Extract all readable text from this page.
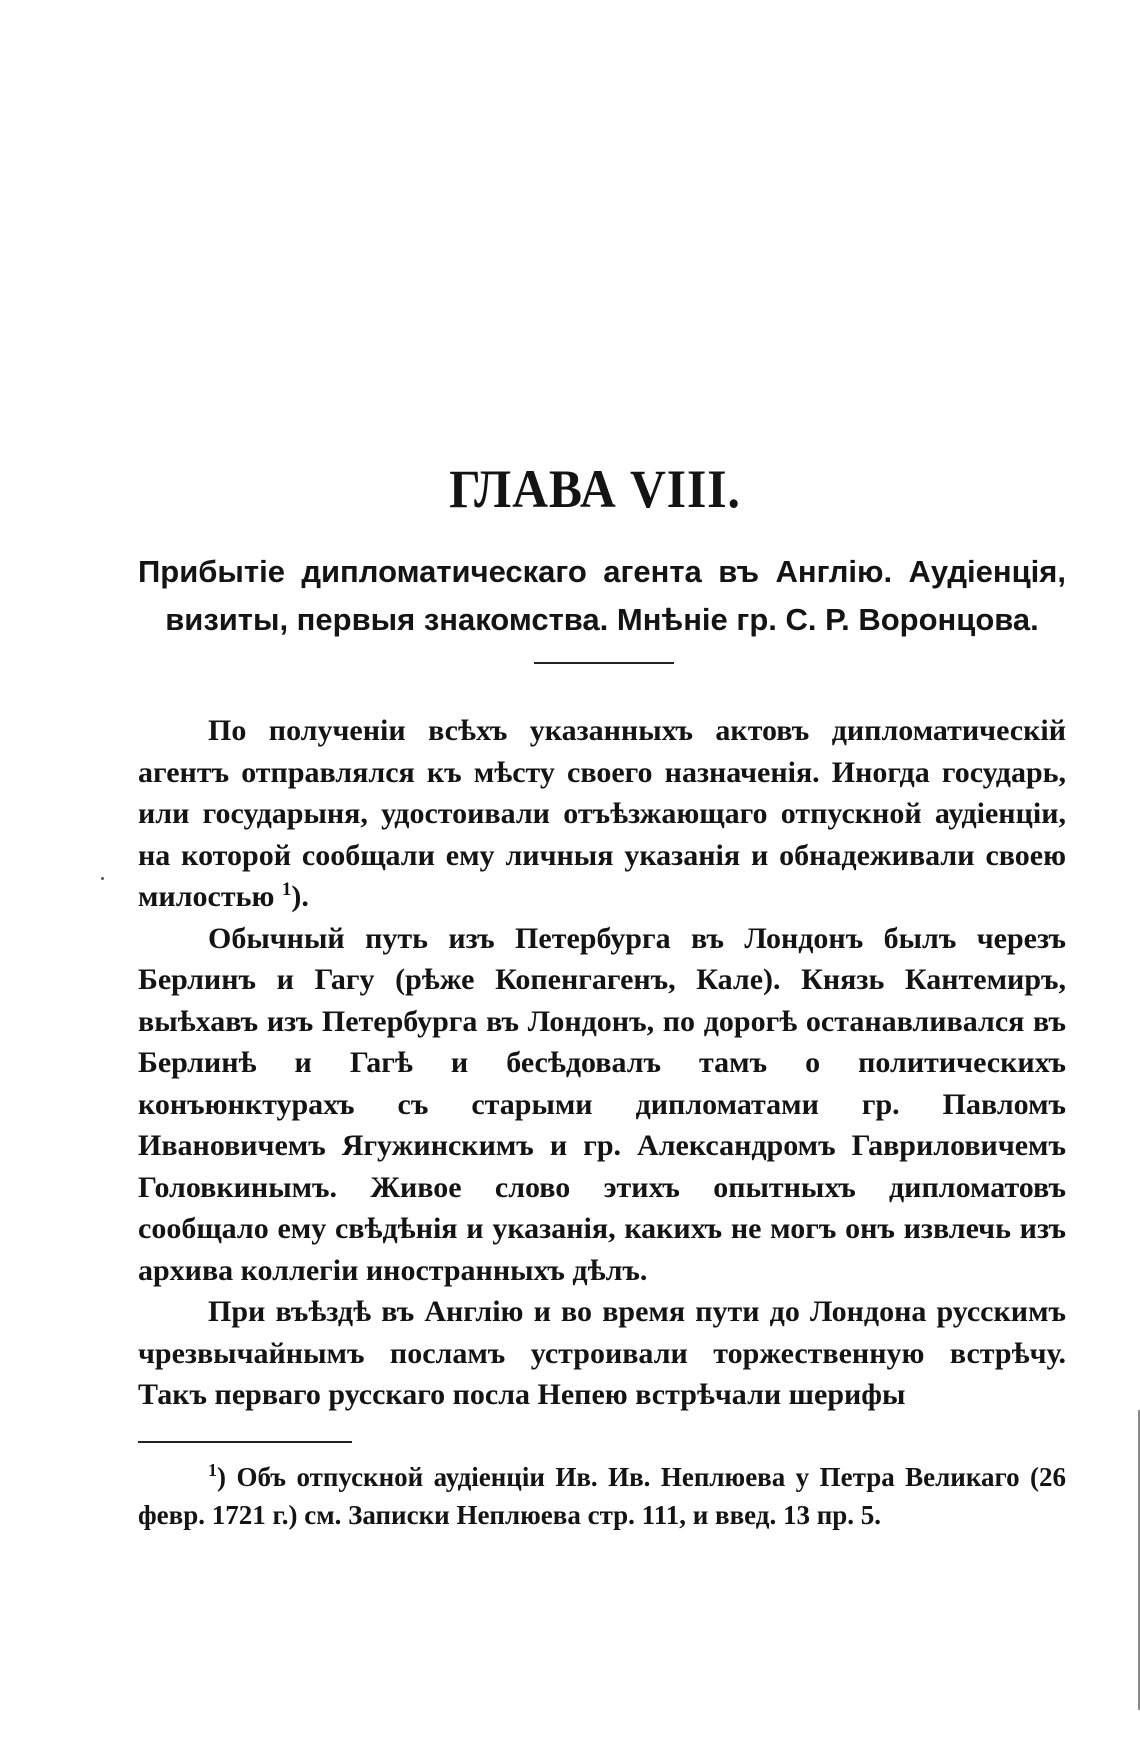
ГЛАВА VIII.

Прибытіе дипломатическаго агента въ Англію. Аудіенція, визиты, первыя знакомства. Мнѣніе гр. С. Р. Воронцова.

По полученіи всѣхъ указанныхъ актовъ дипломатическій агентъ отправлялся къ мѣсту своего назначенія. Иногда государь, или государыня, удостоивали отъѣзжающаго отпускной аудіенціи, на которой сообщали ему личныя указанія и обнадеживали своею милостью $^1$).

Обычный путь изъ Петербурга въ Лондонъ былъ черезъ Берлинъ и Гагу (рѣже Копенгагенъ, Кале). Князь Кантемиръ, выѣхавъ изъ Петербурга въ Лондонъ, по дорогѣ останавливался въ Берлинѣ и Гагѣ и бесѣдовалъ тамъ о политическихъ конъюнктурахъ съ старыми дипломатами гр. Павломъ Ивановичемъ Ягужинскимъ и гр. Александромъ Гавриловичемъ Головкинымъ. Живое слово этихъ опытныхъ дипломатовъ сообщало ему свѣдѣнія и указанія, какихъ не могъ онъ извлечь изъ архива коллегіи иностранныхъ дѣлъ.

При въѣздѣ въ Англію и во время пути до Лондона русскимъ чрезвычайнымъ посламъ устроивали торжественную встрѣчу. Такъ перваго русскаго посла Непею встрѣчали шерифы

$^1$) Объ отпускной аудіенціи Ив. Ив. Неплюева у Петра Великаго (26 февр. 1721 г.) см. Записки Неплюева стр. 111, и введ. 13 пр. 5.
